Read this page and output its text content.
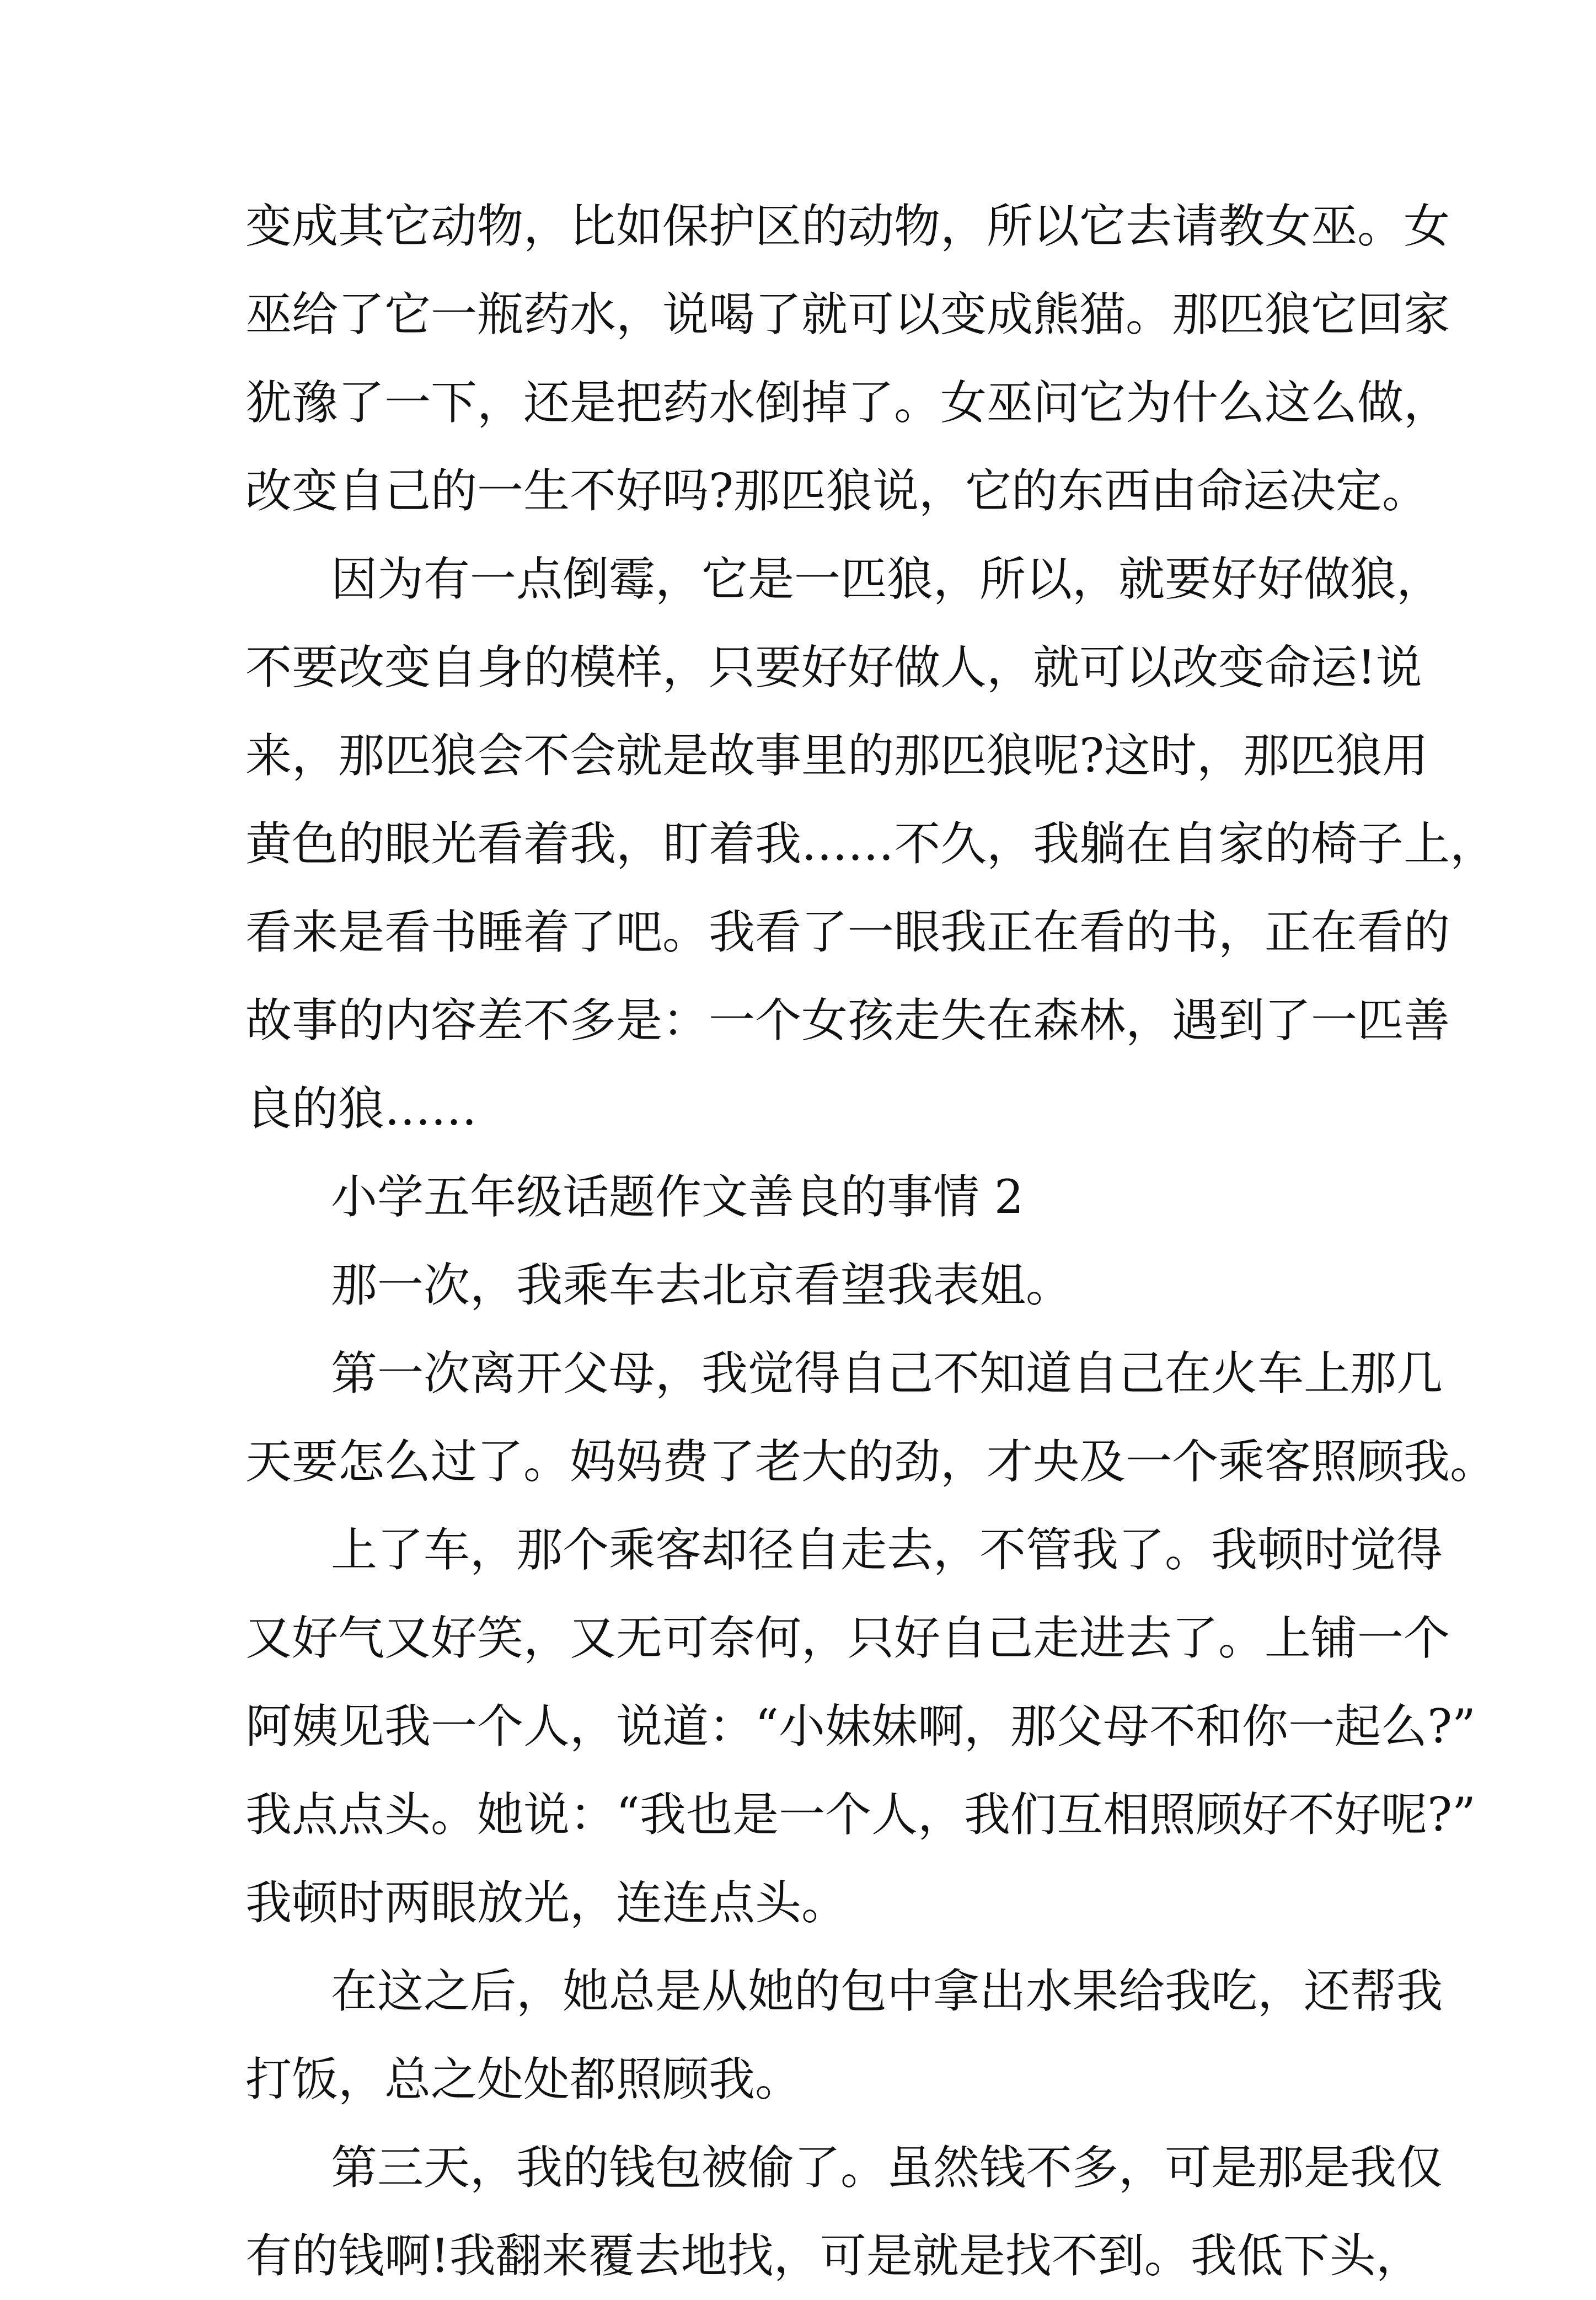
变成其它动物，比如保护区的动物，所以它去请教女巫。女
巫给了它一瓶药水，说喝了就可以变成熊猫。那匹狼它回家
犹豫了一下，还是把药水倒掉了。女巫问它为什么这么做，
改变自己的一生不好吗?那匹狼说，它的东西由命运决定。
因为有一点倒霉，它是一匹狼，所以，就要好好做狼，
不要改变自身的模样，只要好好做人，就可以改变命运!说
来，那匹狼会不会就是故事里的那匹狼呢?这时，那匹狼用
黄色的眼光看着我，盯着我……不久，我躺在自家的椅子上，
看来是看书睡着了吧。我看了一眼我正在看的书，正在看的
故事的内容差不多是：一个女孩走失在森林，遇到了一匹善
良的狼……
小学五年级话题作文善良的事情 2
那一次，我乘车去北京看望我表姐。
第一次离开父母，我觉得自己不知道自己在火车上那几
天要怎么过了。妈妈费了老大的劲，才央及一个乘客照顾我。
上了车，那个乘客却径自走去，不管我了。我顿时觉得
又好气又好笑，又无可奈何，只好自己走进去了。上铺一个
阿姨见我一个人，说道：“小妹妹啊，那父母不和你一起么?”
我点点头。她说：“我也是一个人，我们互相照顾好不好呢?”
我顿时两眼放光，连连点头。
在这之后，她总是从她的包中拿出水果给我吃，还帮我
打饭，总之处处都照顾我。
第三天，我的钱包被偷了。虽然钱不多，可是那是我仅
有的钱啊!我翻来覆去地找，可是就是找不到。我低下头，
